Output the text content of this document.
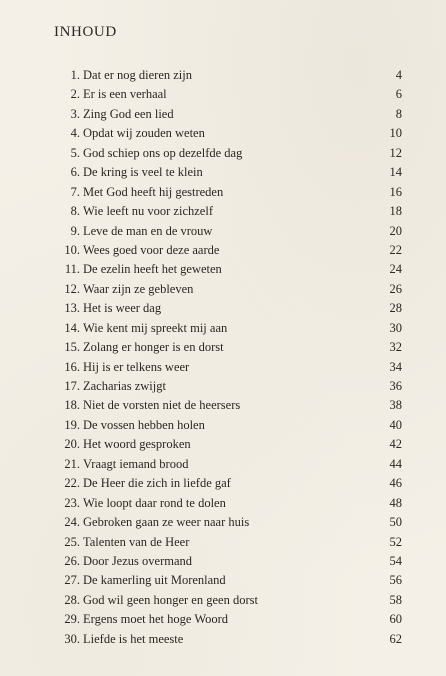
INHOUD
1. Dat er nog dieren zijn	4
2. Er is een verhaal	6
3. Zing God een lied	8
4. Opdat wij zouden weten	10
5. God schiep ons op dezelfde dag	12
6. De kring is veel te klein	14
7. Met God heeft hij gestreden	16
8. Wie leeft nu voor zichzelf	18
9. Leve de man en de vrouw	20
10. Wees goed voor deze aarde	22
11. De ezelin heeft het geweten	24
12. Waar zijn ze gebleven	26
13. Het is weer dag	28
14. Wie kent mij spreekt mij aan	30
15. Zolang er honger is en dorst	32
16. Hij is er telkens weer	34
17. Zacharias zwijgt	36
18. Niet de vorsten niet de heersers	38
19. De vossen hebben holen	40
20. Het woord gesproken	42
21. Vraagt iemand brood	44
22. De Heer die zich in liefde gaf	46
23. Wie loopt daar rond te dolen	48
24. Gebroken gaan ze weer naar huis	50
25. Talenten van de Heer	52
26. Door Jezus overmand	54
27. De kamerling uit Morenland	56
28. God wil geen honger en geen dorst	58
29. Ergens moet het hoge Woord	60
30. Liefde is het meeste	62
